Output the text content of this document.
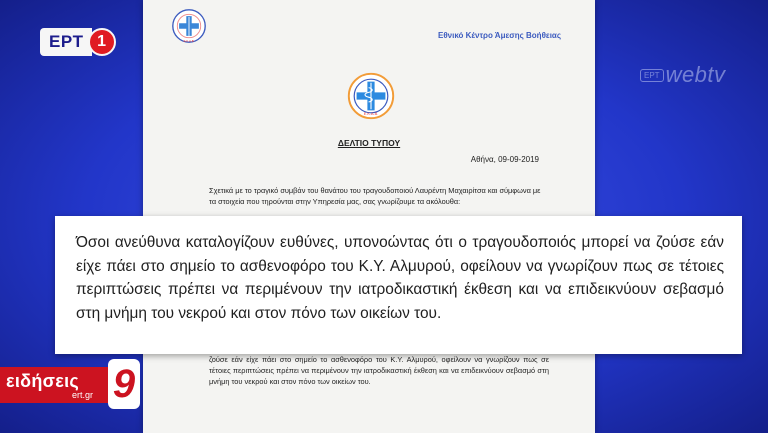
Ε.Κ.Α.Β.
Εθνικό Κέντρο Άμεσης Βοήθειας
Ε.Κ.Α.Β.
ΔΕΛΤΙΟ ΤΥΠΟΥ
Αθήνα, 09-09-2019
Σχετικά με το τραγικό συμβάν του θανάτου του τραγουδοποιού Λαυρέντη Μαχαιρίτσα και σύμφωνα με τα στοιχεία που τηρούνται στην Υπηρεσία μας, σας γνωρίζουμε τα ακόλουθα:
ζούσε εάν είχε πάει στο σημείο το ασθενοφόρο του Κ.Υ. Αλμυρού, οφείλουν να γνωρίζουν πως σε τέτοιες περιπτώσεις πρέπει να περιμένουν την ιατροδικαστική έκθεση και να επιδεικνύουν σεβασμό στη μνήμη του νεκρού και στον πόνο των οικείων του.
ΕΡΤ 1
ΕΡΤ webtv

Όσοι ανεύθυνα καταλογίζουν ευθύνες, υπονοώντας ότι ο τραγουδοποιός μπορεί να ζούσε εάν είχε πάει στο σημείο το ασθενοφόρο του Κ.Υ. Αλμυρού, οφείλουν να γνωρίζουν πως σε τέτοιες περιπτώσεις πρέπει να περιμένουν την ιατροδικαστική έκθεση και να επιδεικνύουν σεβασμό στη μνήμη του νεκρού και στον πόνο των οικείων του.

ειδήσεις
ert.gr 9
